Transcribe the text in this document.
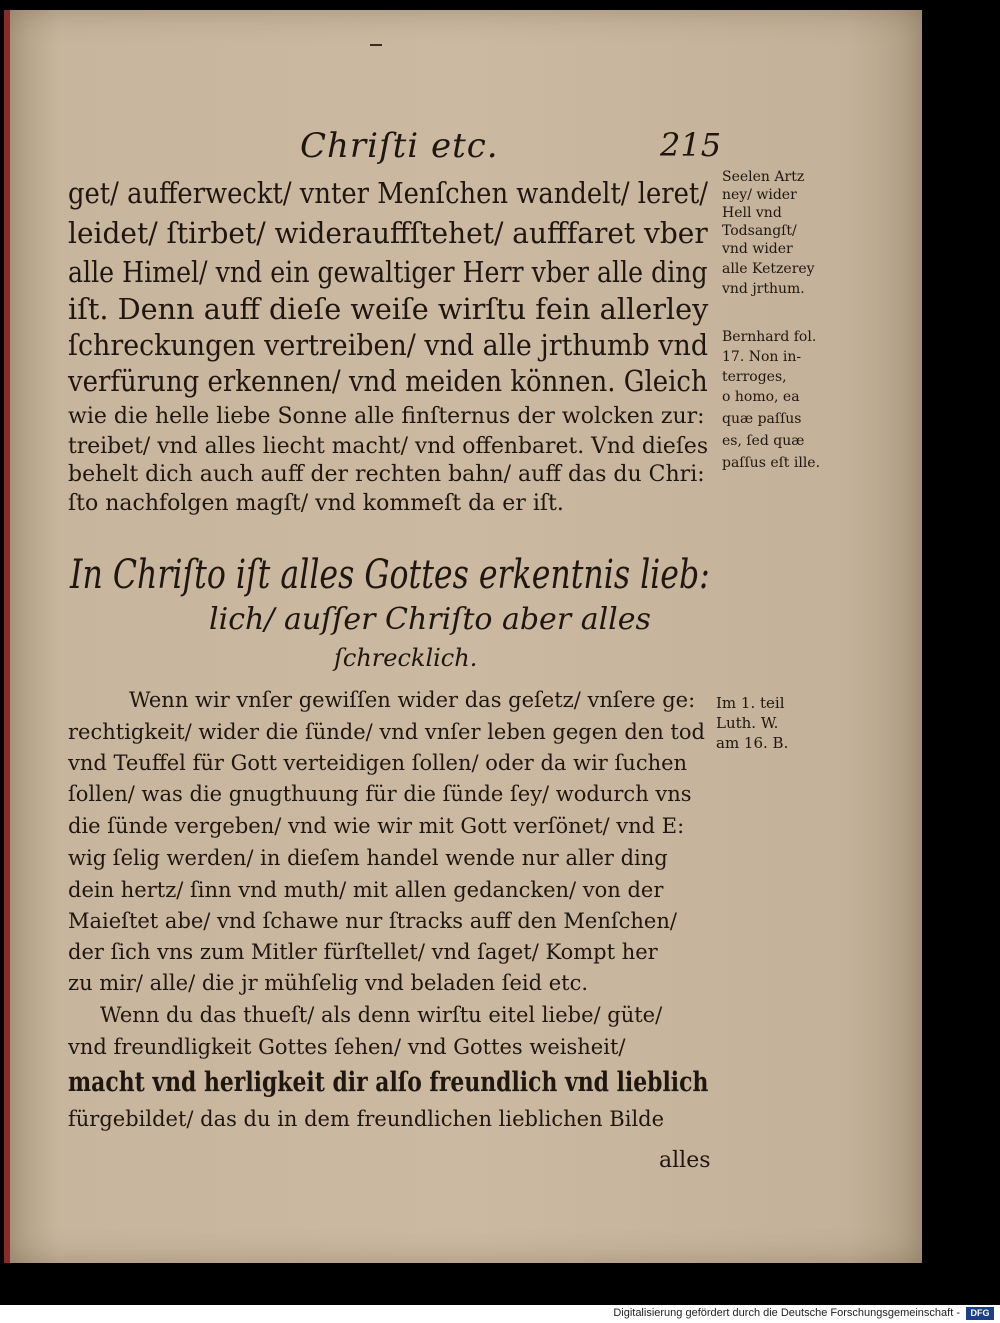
Chriſti etc.	215
get/ aufferweckt/ vnter Menſchen wandelt/ leret/
leidet/ ſtirbet/ widerauffſtehet/ aufffaret vber
alle Himel/ vnd ein gewaltiger Herr vber alle ding
iſt. Denn auff dieſe weiſe wirſtu fein allerley
ſchreckungen vertreiben/ vnd alle jrthumb vnd
verfürung erkennen/ vnd meiden können. Gleich
wie die helle liebe Sonne alle finſternus der wolcken zur:
treibet/ vnd alles liecht macht/ vnd offenbaret. Vnd dieſes
behelt dich auch auff der rechten bahn/ auff das du Chri:
ſto nachfolgen magſt/ vnd kommeſt da er iſt.
Seelen Artz
ney/ wider
Hell vnd
Todsangſt/
vnd wider
alle Ketzerey
vnd jrthum.
Bernhard fol.
17. Non in-
terroges,
o homo, ea
quæ paſſus
es, ſed quæ
paſſus eſt ille.
In Chriſto iſt alles Gottes erkentnis lieb:
lich/ auſſer Chriſto aber alles
ſchrecklich.
Wenn wir vnſer gewiſſen wider das geſetz/ vnſere ge:
rechtigkeit/ wider die ſünde/ vnd vnſer leben gegen den tod
vnd Teuffel für Gott verteidigen ſollen/ oder da wir ſuchen
ſollen/ was die gnugthuung für die ſünde ſey/ wodurch vns
die ſünde vergeben/ vnd wie wir mit Gott verſönet/ vnd E:
wig ſelig werden/ in dieſem handel wende nur aller ding
dein hertz/ ſinn vnd muth/ mit allen gedancken/ von der
Maieſtet abe/ vnd ſchawe nur ſtracks auff den Menſchen/
der ſich vns zum Mitler fürſtellet/ vnd ſaget/ Kompt her
zu mir/ alle/ die jr mühſelig vnd beladen ſeid etc.
Wenn du das thueſt/ als denn wirſtu eitel liebe/ güte/
vnd freundligkeit Gottes ſehen/ vnd Gottes weisheit/
macht vnd herligkeit dir alſo freundlich vnd lieblich
fürgebildet/ das du in dem freundlichen lieblichen Bilde
Im 1. teil
Luth. W.
am 16. B.
alles
Digitalisierung gefördert durch die Deutsche Forschungsgemeinschaft -	DFG
